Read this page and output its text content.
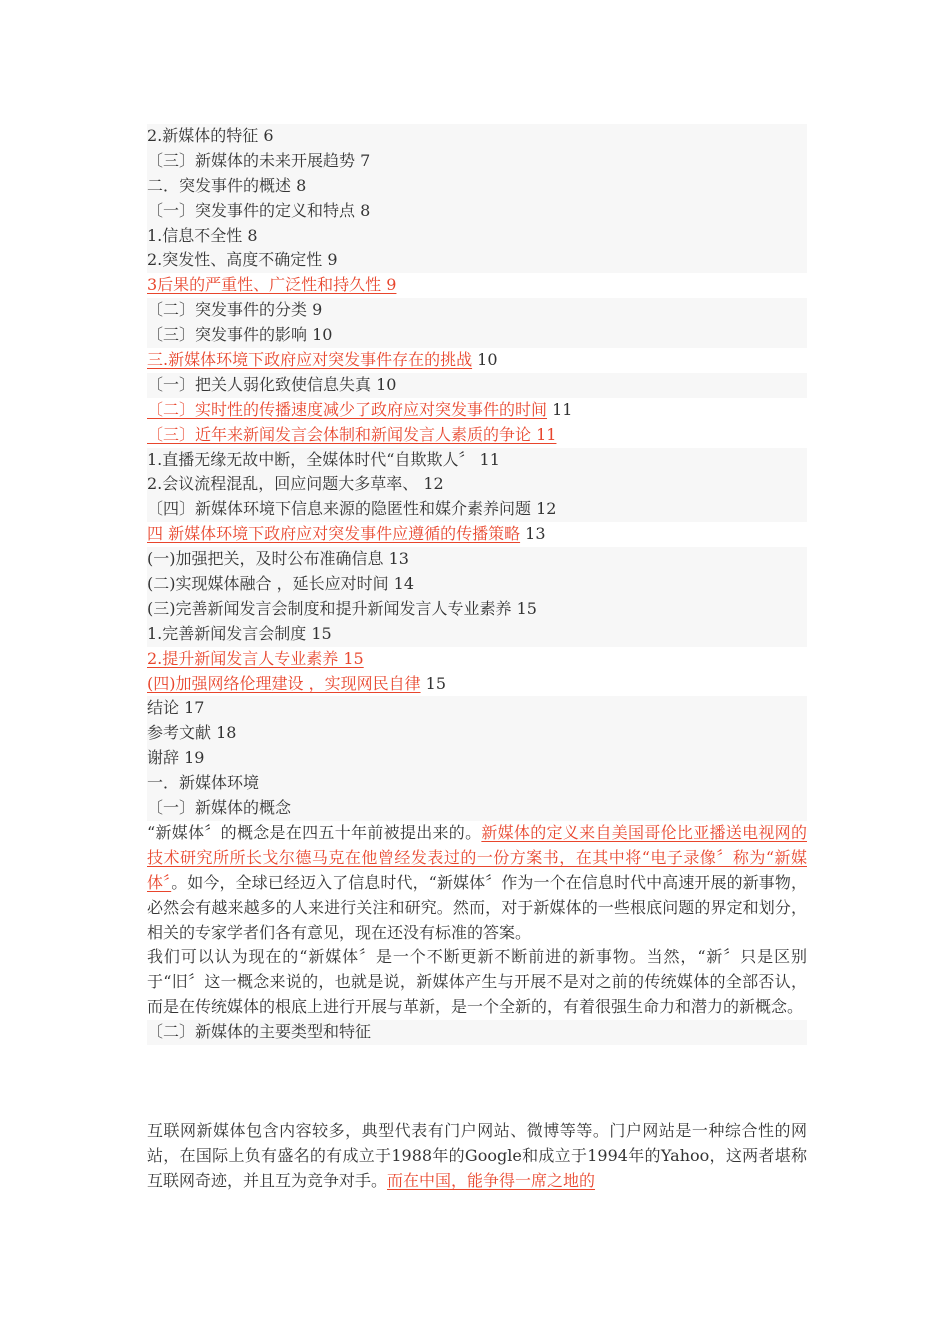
2.新媒体的特征 6
〔三〕新媒体的未来开展趋势 7
二．突发事件的概述 8
〔一〕突发事件的定义和特点 8
1.信息不全性 8
2.突发性、高度不确定性 9
3后果的严重性、广泛性和持久性 9
〔二〕突发事件的分类 9
〔三〕突发事件的影响 10
三.新媒体环境下政府应对突发事件存在的挑战 10
〔一〕把关人弱化致使信息失真 10
〔二〕实时性的传播速度减少了政府应对突发事件的时间 11
〔三〕近年来新闻发言会体制和新闻发言人素质的争论 11
1.直播无缘无故中断，全媒体时代“自欺欺人〞 11
2.会议流程混乱，回应问题大多草率、 12
〔四〕新媒体环境下信息来源的隐匿性和媒介素养问题 12
四 新媒体环境下政府应对突发事件应遵循的传播策略 13
(一)加强把关，及时公布准确信息 13
(二)实现媒体融合 ，延长应对时间 14
(三)完善新闻发言会制度和提升新闻发言人专业素养 15
1.完善新闻发言会制度 15
2.提升新闻发言人专业素养 15
(四)加强网络伦理建设 ，实现网民自律 15
结论 17
参考文献 18
谢辞 19
一．新媒体环境
〔一〕新媒体的概念
“新媒体〞的概念是在四五十年前被提出来的。新媒体的定义来自美国哥伦比亚播送电视网的技术研究所所长戈尔德马克在他曾经发表过的一份方案书，在其中将“电子录像〞称为“新媒体〞。如今，全球已经迈入了信息时代，“新媒体〞作为一个在信息时代中高速开展的新事物，必然会有越来越多的人来进行关注和研究。然而，对于新媒体的一些根底问题的界定和划分，相关的专家学者们各有意见，现在还没有标准的答案。
我们可以认为现在的“新媒体〞是一个不断更新不断前进的新事物。当然，“新〞只是区别于“旧〞这一概念来说的，也就是说，新媒体产生与开展不是对之前的传统媒体的全部否认，而是在传统媒体的根底上进行开展与革新，是一个全新的，有着很强生命力和潜力的新概念。
〔二〕新媒体的主要类型和特征
互联网新媒体包含内容较多，典型代表有门户网站、微博等等。门户网站是一种综合性的网站，在国际上负有盛名的有成立于1988年的Google和成立于1994年的Yahoo，这两者堪称互联网奇迹，并且互为竞争对手。而在中国，能争得一席之地的
